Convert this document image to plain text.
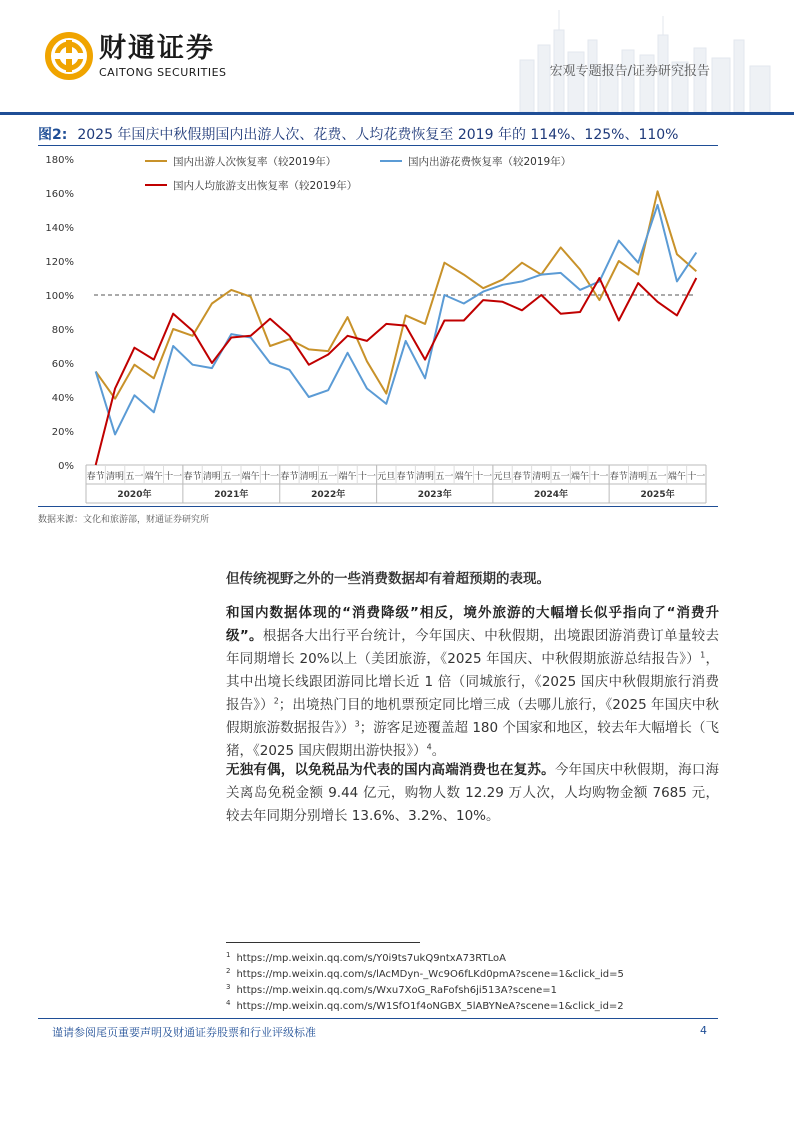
财通证券
CAITONG SECURITIES	宏观专题报告/证券研究报告
图2: 2025 年国庆中秋假期国内出游人次、花费、人均花费恢复至 2019 年的 114%、125%、110%
0%
20%
40%
60%
80%
100%
120%
140%
160%
180%
春节 清明 五一 端午 十一 春节 清明 五一 端午 十一 春节 清明 五一 端午 十一 元旦 春节 清明 五一 端午 十一 元旦 春节 清明 五一 端午 十一 春节 清明 五一 端午 十一
2020年	2021年	2022年	2023年	2024年	2025年
国内出游人次恢复率（较2019年）	国内出游花费恢复率（较2019年）
国内人均旅游支出恢复率（较2019年）
数据来源：文化和旅游部，财通证券研究所
但传统视野之外的一些消费数据却有着超预期的表现。
和国内数据体现的“消费降级”相反，境外旅游的大幅增长似乎指向了“消费升级”。根据各大出行平台统计，今年国庆、中秋假期，出境跟团游消费订单量较去年同期增长 20%以上（美团旅游，《2025 年国庆、中秋假期旅游总结报告》）$^1$，其中出境长线跟团游同比增长近 1 倍（同城旅行，《2025 国庆中秋假期旅行消费报告》）$^2$；出境热门目的地机票预定同比增三成（去哪儿旅行，《2025 年国庆中秋假期旅游数据报告》）$^3$；游客足迹覆盖超 180 个国家和地区，较去年大幅增长（飞猪，《2025 国庆假期出游快报》）$^4$。
无独有偶，以免税品为代表的国内高端消费也在复苏。今年国庆中秋假期，海口海关离岛免税金额 9.44 亿元，购物人数 12.29 万人次，人均购物金额 7685 元，较去年同期分别增长 13.6%、3.2%、10%。
$^1$ https://mp.weixin.qq.com/s/Y0i9ts7ukQ9ntxA73RTLoA
$^2$ https://mp.weixin.qq.com/s/lAcMDyn-_Wc9O6fLKd0pmA?scene=1&click_id=5
$^3$ https://mp.weixin.qq.com/s/Wxu7XoG_RaFofsh6ji513A?scene=1
$^4$ https://mp.weixin.qq.com/s/W1SfO1f4oNGBX_5lABYNeA?scene=1&click_id=2
谨请参阅尾页重要声明及财通证券股票和行业评级标准	4
